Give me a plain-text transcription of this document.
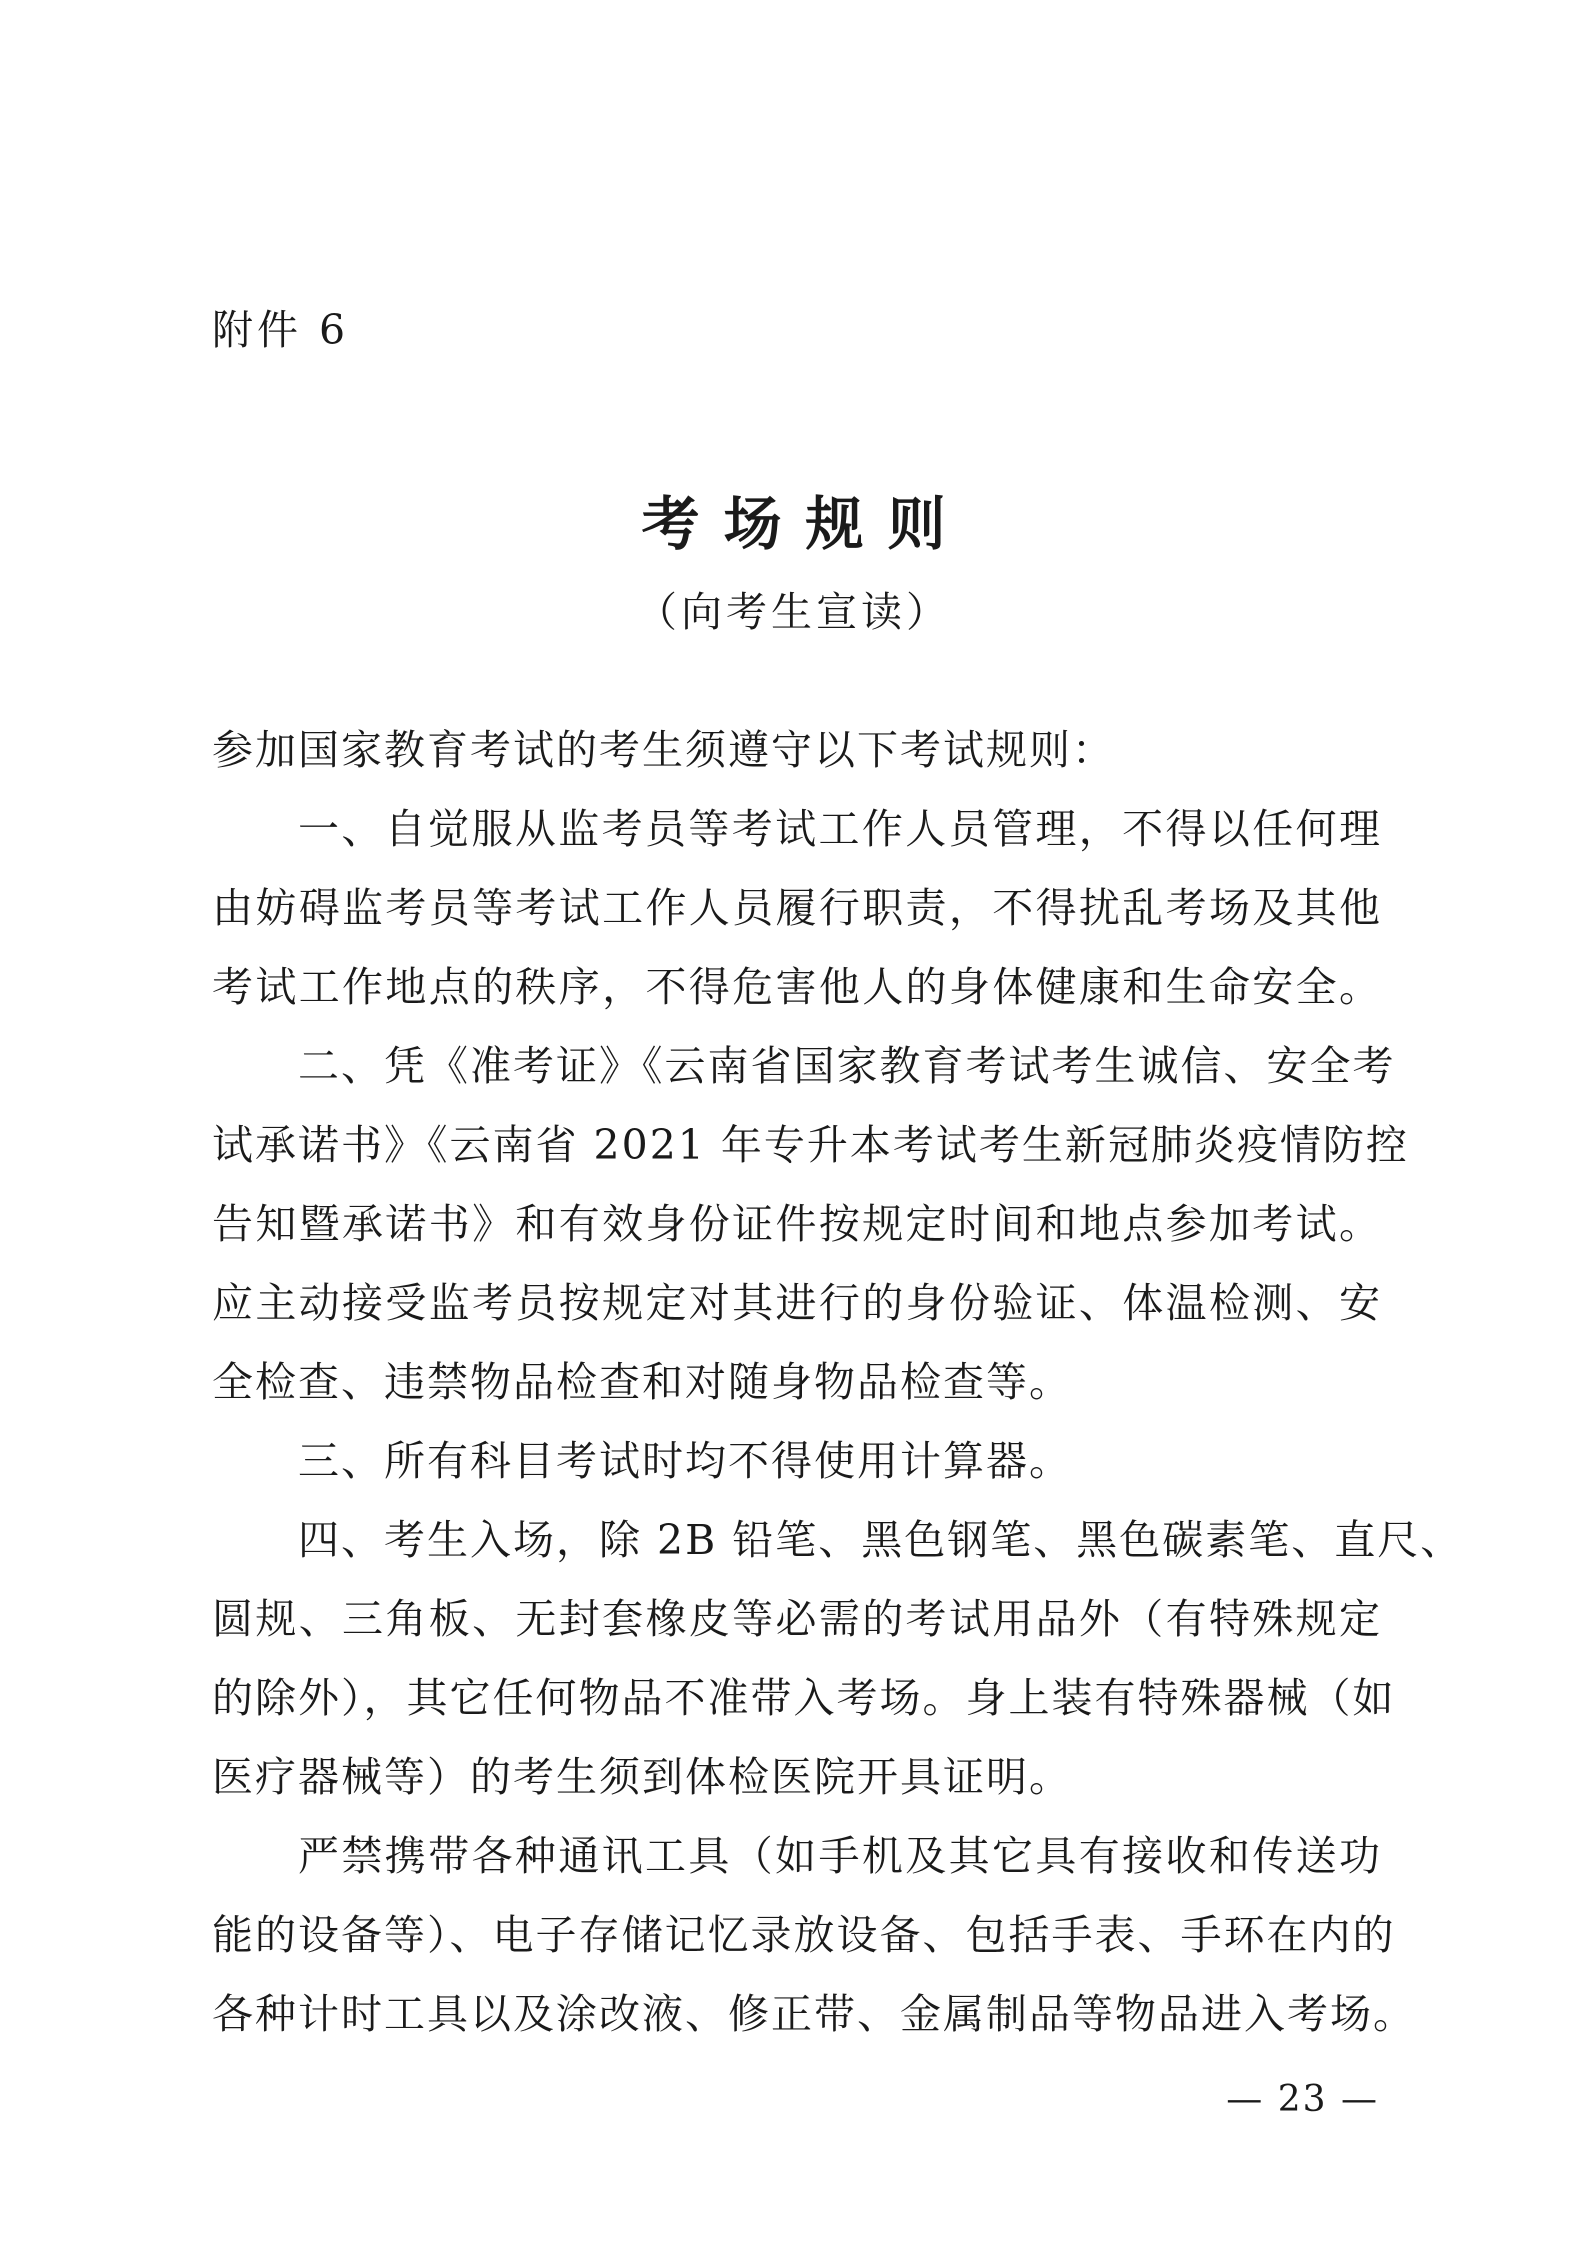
附件 6
考场规则
（向考生宣读）
参加国家教育考试的考生须遵守以下考试规则：
一、自觉服从监考员等考试工作人员管理，不得以任何理
由妨碍监考员等考试工作人员履行职责，不得扰乱考场及其他
考试工作地点的秩序，不得危害他人的身体健康和生命安全。
二、凭《准考证》《云南省国家教育考试考生诚信、安全考
试承诺书》《云南省 2021 年专升本考试考生新冠肺炎疫情防控
告知暨承诺书》和有效身份证件按规定时间和地点参加考试。
应主动接受监考员按规定对其进行的身份验证、体温检测、安
全检查、违禁物品检查和对随身物品检查等。
三、所有科目考试时均不得使用计算器。
四、考生入场，除 2B 铅笔、黑色钢笔、黑色碳素笔、直尺、
圆规、三角板、无封套橡皮等必需的考试用品外（有特殊规定
的除外），其它任何物品不准带入考场。身上装有特殊器械（如
医疗器械等）的考生须到体检医院开具证明。
严禁携带各种通讯工具（如手机及其它具有接收和传送功
能的设备等）、电子存储记忆录放设备、包括手表、手环在内的
各种计时工具以及涂改液、修正带、金属制品等物品进入考场。
— 23 —
